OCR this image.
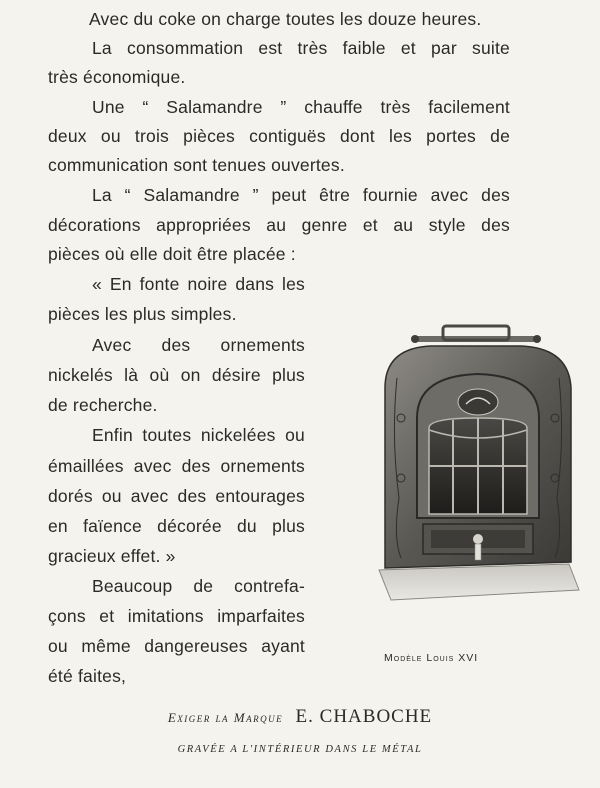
Avec du coke on charge toutes les douze heures.
La consommation est très faible et par suite
très économique.
Une “ Salamandre ” chauffe très facilement
deux ou trois pièces contiguës dont les portes de
communication sont tenues ouvertes.
La “ Salamandre ” peut être fournie avec des
décorations appropriées au genre et au style des
pièces où elle doit être placée :
« En fonte noire dans les
pièces les plus simples.
Avec des ornements
nickelés là où on désire plus
de recherche.
Enfin toutes nickelées ou
émaillées avec des ornements
dorés ou avec des entourages
en faïence décorée du plus
gracieux effet. »
Beaucoup de contrefa-
çons et imitations imparfaites
ou même dangereuses ayant
été faites,
Modèle Louis XVI
Exiger la Marque E. CHABOCHE
GRAVÉE A L'INTÉRIEUR DANS LE MÉTAL
